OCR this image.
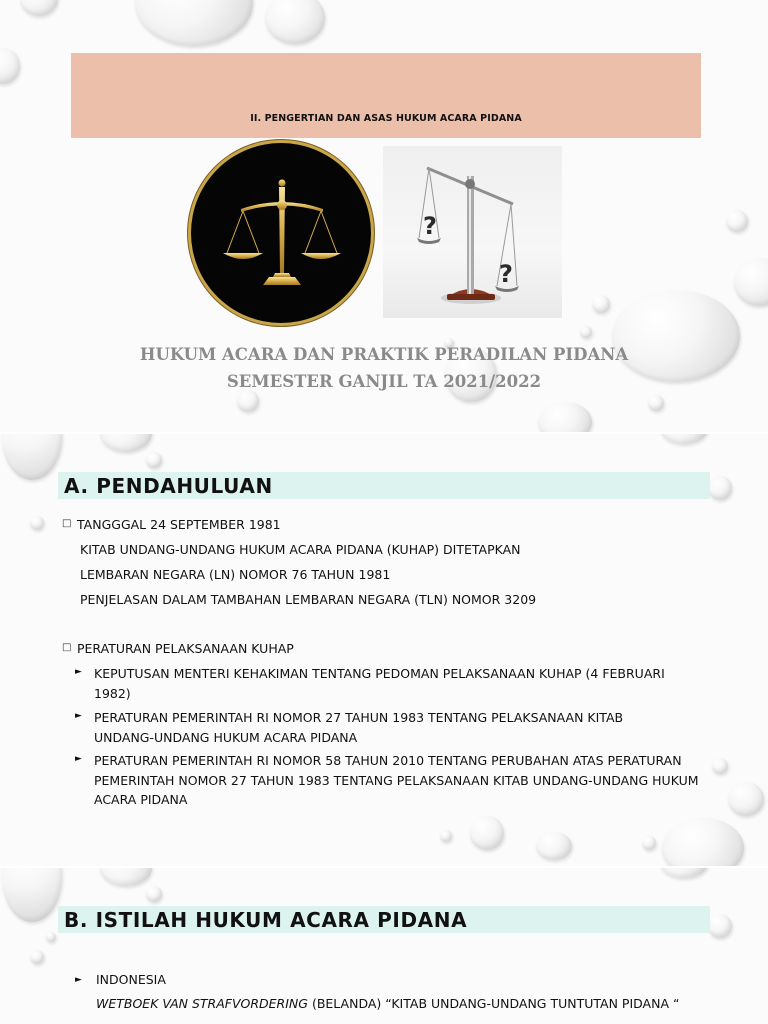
II. PENGERTIAN DAN ASAS HUKUM ACARA PIDANA
?
?
HUKUM ACARA DAN PRAKTIK PERADILAN PIDANA
SEMESTER GANJIL TA 2021/2022
A. PENDAHULUAN
□ TANGGGAL 24 SEPTEMBER 1981
KITAB UNDANG-UNDANG HUKUM ACARA PIDANA (KUHAP) DITETAPKAN
LEMBARAN NEGARA (LN) NOMOR 76 TAHUN 1981
PENJELASAN DALAM TAMBAHAN LEMBARAN NEGARA (TLN) NOMOR 3209
□ PERATURAN PELAKSANAAN KUHAP
► KEPUTUSAN MENTERI KEHAKIMAN TENTANG PEDOMAN PELAKSANAAN KUHAP (4 FEBRUARI 1982)
► PERATURAN PEMERINTAH RI NOMOR 27 TAHUN 1983 TENTANG PELAKSANAAN KITAB UNDANG-UNDANG HUKUM ACARA PIDANA
► PERATURAN PEMERINTAH RI NOMOR 58 TAHUN 2010 TENTANG PERUBAHAN ATAS PERATURAN PEMERINTAH NOMOR 27 TAHUN 1983 TENTANG PELAKSANAAN KITAB UNDANG-UNDANG HUKUM ACARA PIDANA
B. ISTILAH HUKUM ACARA PIDANA
► INDONESIA
WETBOEK VAN STRAFVORDERING (BELANDA) “KITAB UNDANG-UNDANG TUNTUTAN PIDANA “
